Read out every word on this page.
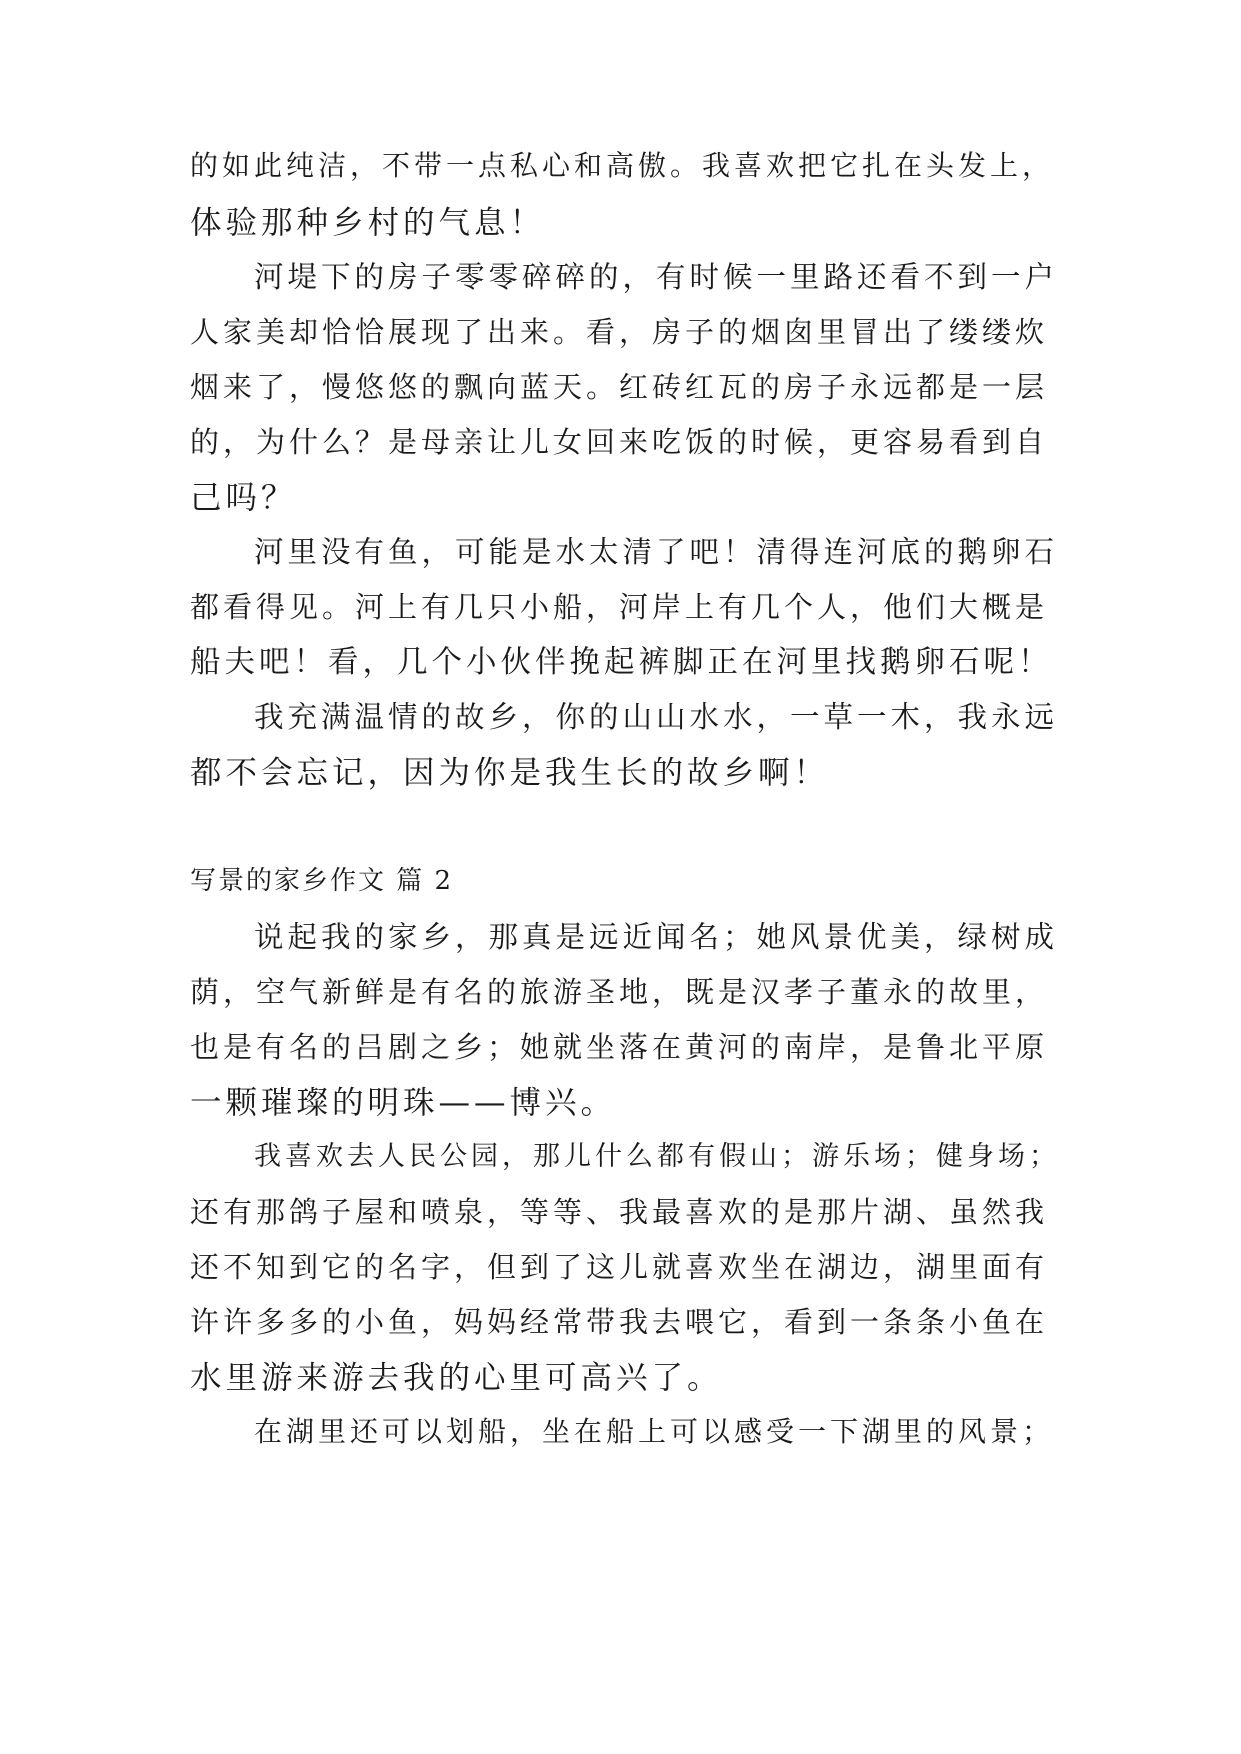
的如此纯洁，不带一点私心和高傲。我喜欢把它扎在头发上，
体验那种乡村的气息！
河堤下的房子零零碎碎的，有时候一里路还看不到一户
人家美却恰恰展现了出来。看，房子的烟囱里冒出了缕缕炊
烟来了，慢悠悠的飘向蓝天。红砖红瓦的房子永远都是一层
的，为什么？是母亲让儿女回来吃饭的时候，更容易看到自
己吗？
河里没有鱼，可能是水太清了吧！清得连河底的鹅卵石
都看得见。河上有几只小船，河岸上有几个人，他们大概是
船夫吧！看，几个小伙伴挽起裤脚正在河里找鹅卵石呢！
我充满温情的故乡，你的山山水水，一草一木，我永远
都不会忘记，因为你是我生长的故乡啊！
写景的家乡作文 篇 2
说起我的家乡，那真是远近闻名；她风景优美，绿树成
荫，空气新鲜是有名的旅游圣地，既是汉孝子董永的故里，
也是有名的吕剧之乡；她就坐落在黄河的南岸，是鲁北平原
一颗璀璨的明珠——博兴。
我喜欢去人民公园，那儿什么都有假山；游乐场；健身场；
还有那鸽子屋和喷泉，等等、我最喜欢的是那片湖、虽然我
还不知到它的名字，但到了这儿就喜欢坐在湖边，湖里面有
许许多多的小鱼，妈妈经常带我去喂它，看到一条条小鱼在
水里游来游去我的心里可高兴了。
在湖里还可以划船，坐在船上可以感受一下湖里的风景；
